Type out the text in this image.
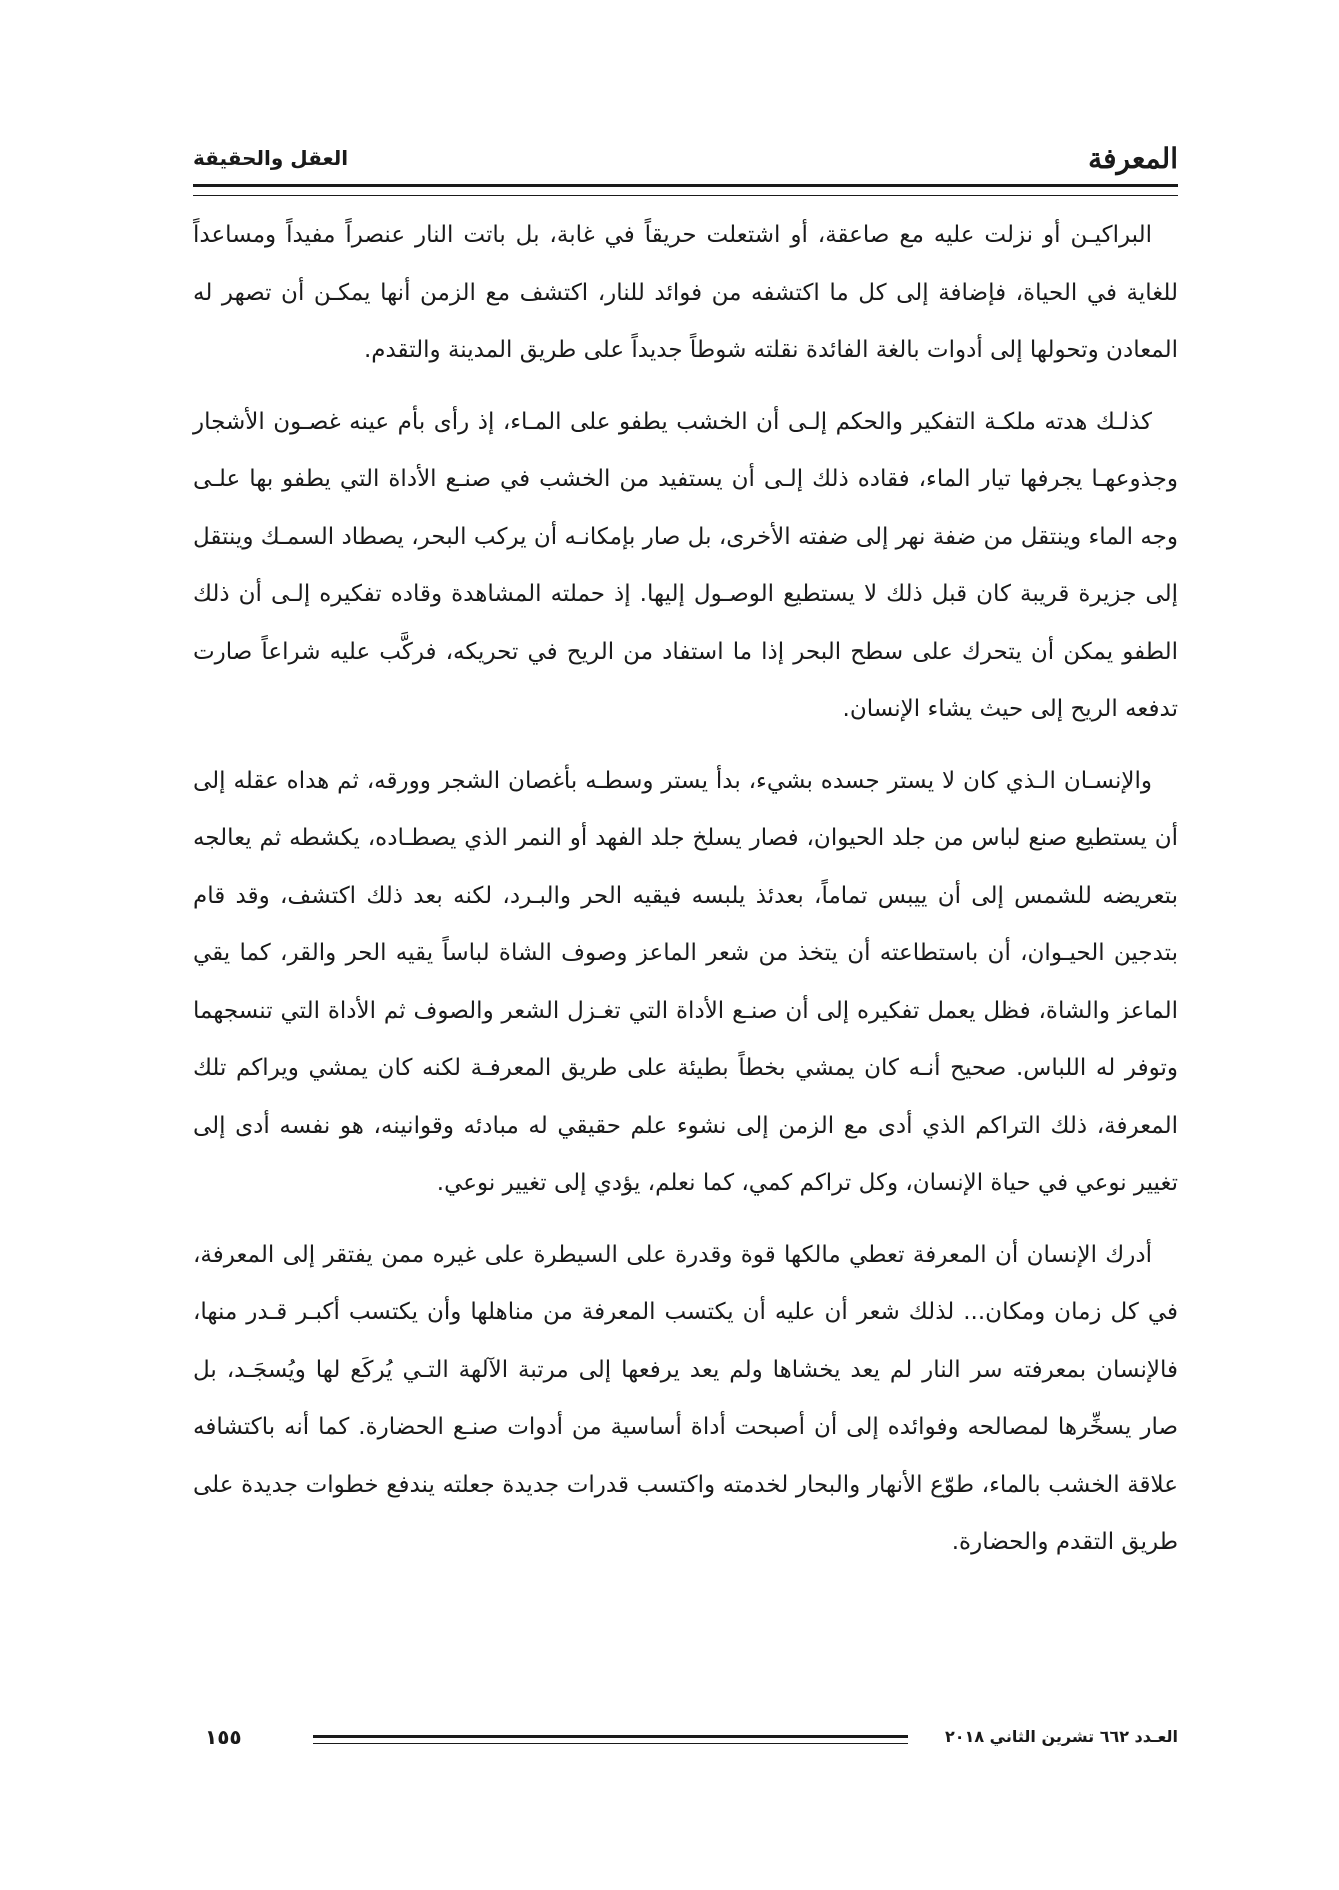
المعرفة
العقل والحقيقة

البراكيـن أو نزلت عليه مع صاعقة، أو اشتعلت حريقاً في غابة، بل باتت النار عنصراً مفيداً ومساعداً للغاية في الحياة، فإضافة إلى كل ما اكتشفه من فوائد للنار، اكتشف مع الزمن أنها يمكـن أن تصهر له المعادن وتحولها إلى أدوات بالغة الفائدة نقلته شوطاً جديداً على طريق المدينة والتقدم.

كذلـك هدته ملكـة التفكير والحكم إلـى أن الخشب يطفو على المـاء، إذ رأى بأم عينه غصـون الأشجار وجذوعهـا يجرفها تيار الماء، فقاده ذلك إلـى أن يستفيد من الخشب في صنـع الأداة التي يطفو بها علـى وجه الماء وينتقل من ضفة نهر إلى ضفته الأخرى، بل صار بإمكانـه أن يركب البحر، يصطاد السمـك وينتقل إلى جزيرة قريبة كان قبل ذلك لا يستطيع الوصـول إليها. إذ حملته المشاهدة وقاده تفكيره إلـى أن ذلك الطفو يمكن أن يتحرك على سطح البحر إذا ما استفاد من الريح في تحريكه، فركَّب عليه شراعاً صارت تدفعه الريح إلى حيث يشاء الإنسان.

والإنسـان الـذي كان لا يستر جسده بشيء، بدأ يستر وسطـه بأغصان الشجر وورقه، ثم هداه عقله إلى أن يستطيع صنع لباس من جلد الحيوان، فصار يسلخ جلد الفهد أو النمر الذي يصطـاده، يكشطه ثم يعالجه بتعريضه للشمس إلى أن ييبس تماماً، بعدئذ يلبسه فيقيه الحر والبـرد، لكنه بعد ذلك اكتشف، وقد قام بتدجين الحيـوان، أن باستطاعته أن يتخذ من شعر الماعز وصوف الشاة لباساً يقيه الحر والقر، كما يقي الماعز والشاة، فظل يعمل تفكيره إلى أن صنـع الأداة التي تغـزل الشعر والصوف ثم الأداة التي تنسجهما وتوفر له اللباس. صحيح أنـه كان يمشي بخطاً بطيئة على طريق المعرفـة لكنه كان يمشي ويراكم تلك المعرفة، ذلك التراكم الذي أدى مع الزمن إلى نشوء علم حقيقي له مبادئه وقوانينه، هو نفسه أدى إلى تغيير نوعي في حياة الإنسان، وكل تراكم كمي، كما نعلم، يؤدي إلى تغيير نوعي.

أدرك الإنسان أن المعرفة تعطي مالكها قوة وقدرة على السيطرة على غيره ممن يفتقر إلى المعرفة، في كل زمان ومكان... لذلك شعر أن عليه أن يكتسب المعرفة من مناهلها وأن يكتسب أكبـر قـدر منها، فالإنسان بمعرفته سر النار لم يعد يخشاها ولم يعد يرفعها إلى مرتبة الآلهة التـي يُركَع لها ويُسجَـد، بل صار يسخِّرها لمصالحه وفوائده إلى أن أصبحت أداة أساسية من أدوات صنـع الحضارة. كما أنه باكتشافه علاقة الخشب بالماء، طوّع الأنهار والبحار لخدمته واكتسب قدرات جديدة جعلته يندفع خطوات جديدة على طريق التقدم والحضارة.

العـدد ٦٦٢ تشرين الثاني ٢٠١٨
١٥٥
